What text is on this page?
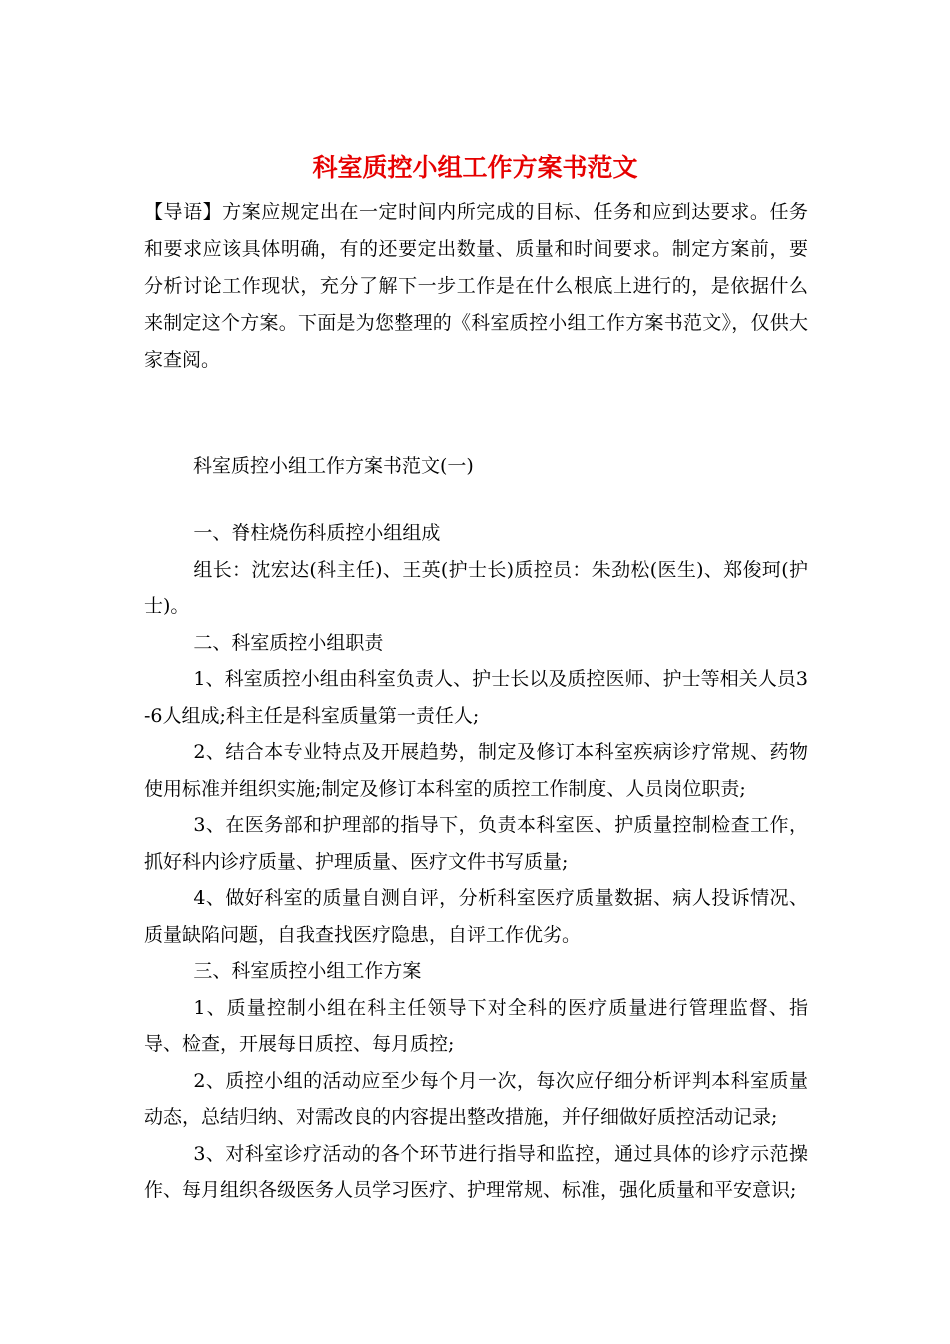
科室质控小组工作方案书范文

【导语】方案应规定出在一定时间内所完成的目标、任务和应到达要求。任务和要求应该具体明确，有的还要定出数量、质量和时间要求。制定方案前，要分析讨论工作现状，充分了解下一步工作是在什么根底上进行的，是依据什么来制定这个方案。下面是为您整理的《科室质控小组工作方案书范文》，仅供大家查阅。

科室质控小组工作方案书范文(一)

一、脊柱烧伤科质控小组组成

组长：沈宏达(科主任)、王英(护士长)质控员：朱劲松(医生)、郑俊珂(护士)。

二、科室质控小组职责

1、科室质控小组由科室负责人、护士长以及质控医师、护士等相关人员3-6人组成;科主任是科室质量第一责任人;

2、结合本专业特点及开展趋势，制定及修订本科室疾病诊疗常规、药物使用标准并组织实施;制定及修订本科室的质控工作制度、人员岗位职责;

3、在医务部和护理部的指导下，负责本科室医、护质量控制检查工作，抓好科内诊疗质量、护理质量、医疗文件书写质量;

4、做好科室的质量自测自评，分析科室医疗质量数据、病人投诉情况、质量缺陷问题，自我查找医疗隐患，自评工作优劣。

三、科室质控小组工作方案

1、质量控制小组在科主任领导下对全科的医疗质量进行管理监督、指导、检查，开展每日质控、每月质控;

2、质控小组的活动应至少每个月一次，每次应仔细分析评判本科室质量动态，总结归纳、对需改良的内容提出整改措施，并仔细做好质控活动记录;

3、对科室诊疗活动的各个环节进行指导和监控，通过具体的诊疗示范操作、每月组织各级医务人员学习医疗、护理常规、标准，强化质量和平安意识;
